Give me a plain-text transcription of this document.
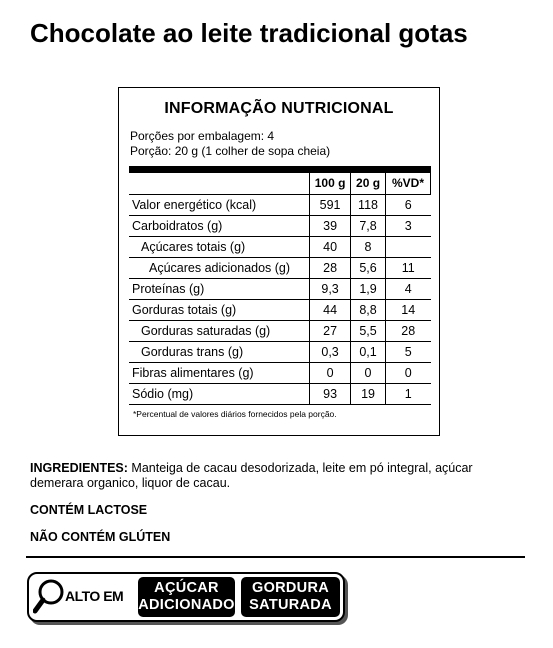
Chocolate ao leite tradicional gotas
INFORMAÇÃO NUTRICIONAL
Porções por embalagem: 4
Porção: 20 g (1 colher de sopa cheia)
	100 g	20 g	%VD*
Valor energético (kcal)	591	118	6
Carboidratos (g)	39	7,8	3
Açúcares totais (g)	40	8	
Açúcares adicionados (g)	28	5,6	11
Proteínas (g)	9,3	1,9	4
Gorduras totais (g)	44	8,8	14
Gorduras saturadas (g)	27	5,5	28
Gorduras trans (g)	0,3	0,1	5
Fibras alimentares (g)	0	0	0
Sódio (mg)	93	19	1
*Percentual de valores diários fornecidos pela porção.
INGREDIENTES: Manteiga de cacau desodorizada, leite em pó integral, açúcar demerara organico, liquor de cacau.
CONTÉM LACTOSE
NÃO CONTÉM GLÚTEN
ALTO EM	AÇÚCAR
ADICIONADO
GORDURA
SATURADA
